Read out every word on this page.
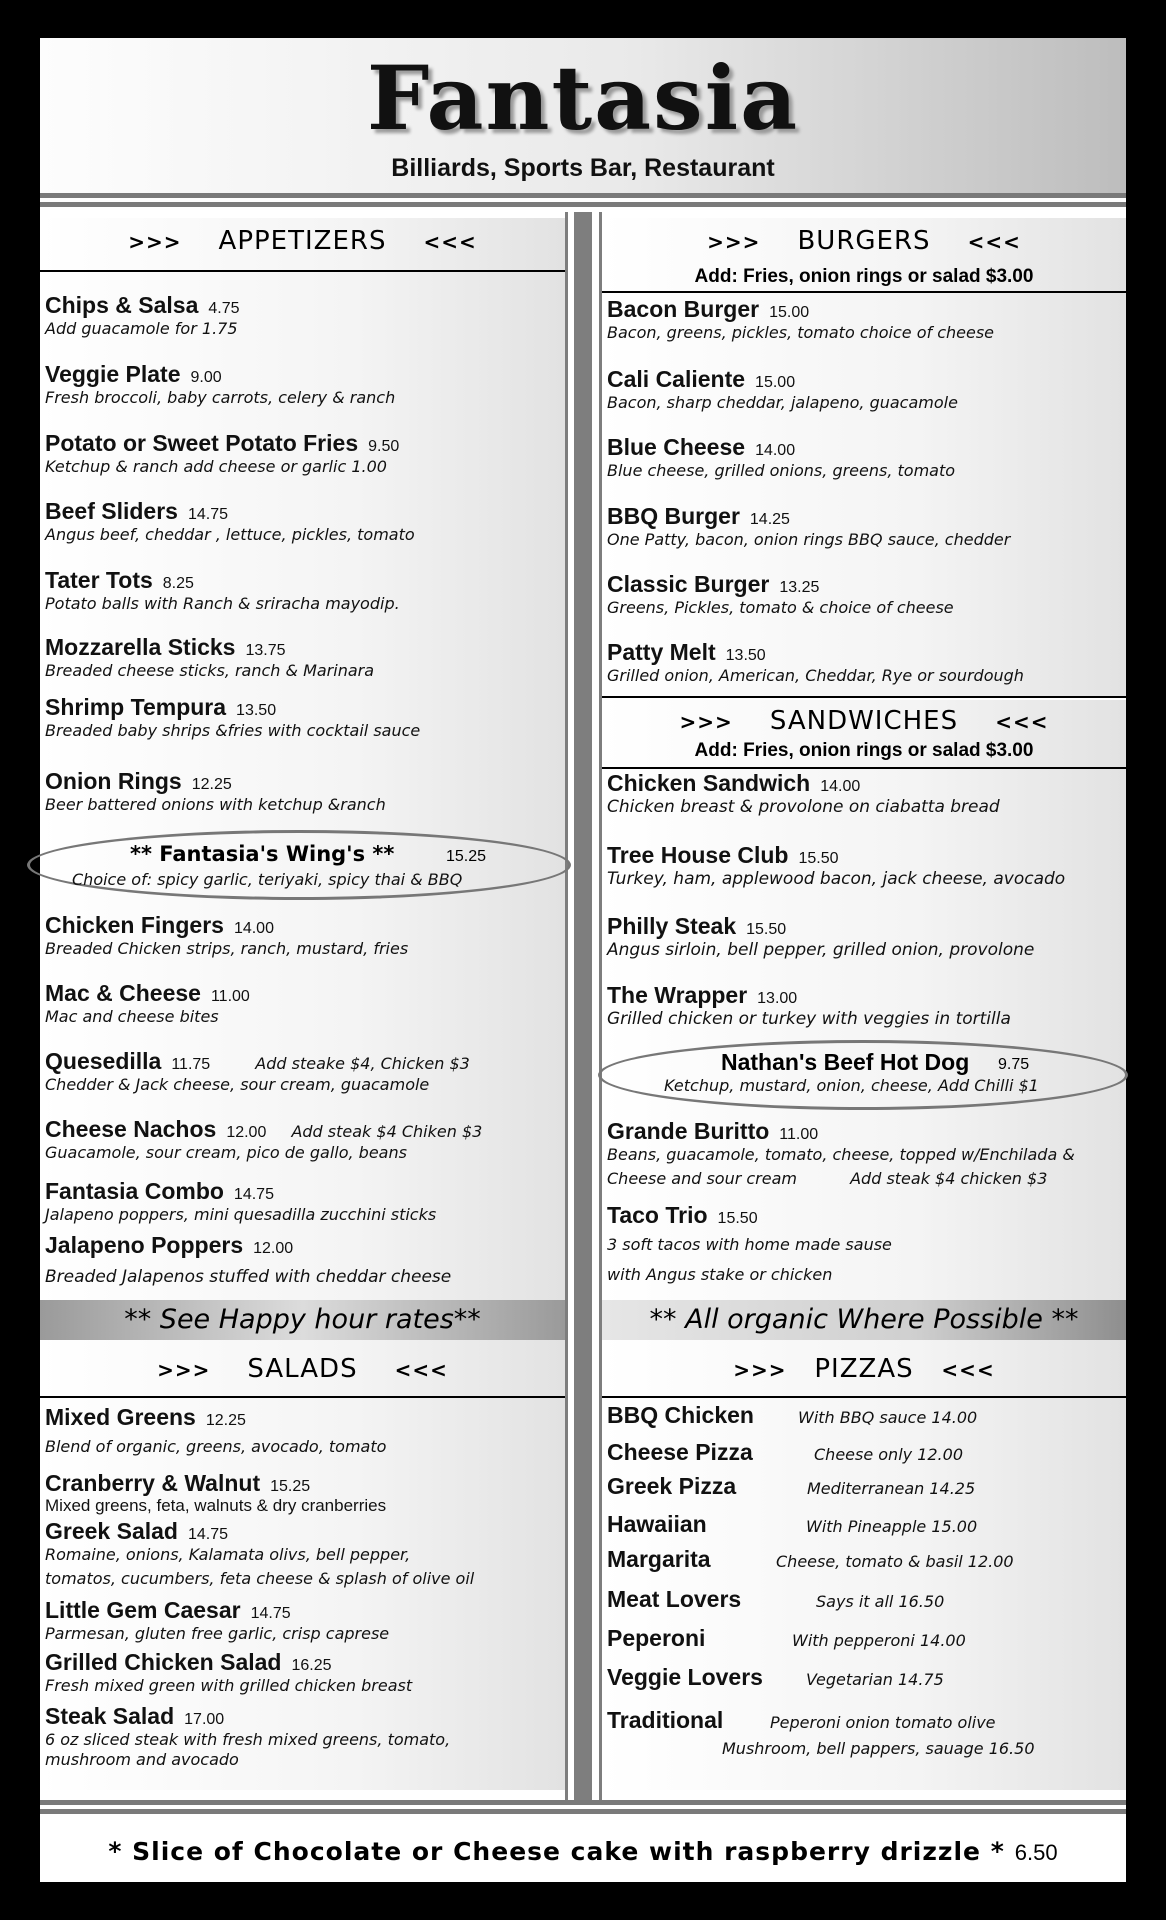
Fantasia
Billiards, Sports Bar, Restaurant
>>> APPETIZERS <<<
Chips & Salsa 4.75
Add guacamole for 1.75
Veggie Plate 9.00
Fresh broccoli, baby carrots, celery & ranch
Potato or Sweet Potato Fries 9.50
Ketchup & ranch add cheese or garlic 1.00
Beef Sliders 14.75
Angus beef, cheddar , lettuce, pickles, tomato
Tater Tots 8.25
Potato balls with Ranch & sriracha mayodip.
Mozzarella Sticks 13.75
Breaded cheese sticks, ranch & Marinara
Shrimp Tempura 13.50
Breaded baby shrips &fries with cocktail sauce
Onion Rings 12.25
Beer battered onions with ketchup &ranch
** Fantasia's Wing's **	15.25
Choice of: spicy garlic, teriyaki, spicy thai & BBQ
Chicken Fingers 14.00
Breaded Chicken strips, ranch, mustard, fries
Mac & Cheese 11.00
Mac and cheese bites
Quesedilla 11.75	Add steake $4, Chicken $3
Chedder & Jack cheese, sour cream, guacamole
Cheese Nachos 12.00 Add steak $4 Chiken $3
Guacamole, sour cream, pico de gallo, beans
Fantasia Combo 14.75
Jalapeno poppers, mini quesadilla zucchini sticks
Jalapeno Poppers 12.00
Breaded Jalapenos stuffed with cheddar cheese
** See Happy hour rates**
>>> SALADS <<<
Mixed Greens 12.25
Blend of organic, greens, avocado, tomato
Cranberry & Walnut 15.25
Mixed greens, feta, walnuts & dry cranberries
Greek Salad 14.75
Romaine, onions, Kalamata olivs, bell pepper,
tomatos, cucumbers, feta cheese & splash of olive oil
Little Gem Caesar 14.75
Parmesan, gluten free garlic, crisp caprese
Grilled Chicken Salad 16.25
Fresh mixed green with grilled chicken breast
Steak Salad 17.00
6 oz sliced steak with fresh mixed greens, tomato,
mushroom and avocado
>>> BURGERS <<<
Add: Fries, onion rings or salad $3.00
Bacon Burger 15.00
Bacon, greens, pickles, tomato choice of cheese
Cali Caliente 15.00
Bacon, sharp cheddar, jalapeno, guacamole
Blue Cheese 14.00
Blue cheese, grilled onions, greens, tomato
BBQ Burger 14.25
One Patty, bacon, onion rings BBQ sauce, chedder
Classic Burger 13.25
Greens, Pickles, tomato & choice of cheese
Patty Melt 13.50
Grilled onion, American, Cheddar, Rye or sourdough
>>> SANDWICHES <<<
Add: Fries, onion rings or salad $3.00
Chicken Sandwich 14.00
Chicken breast & provolone on ciabatta bread
Tree House Club 15.50
Turkey, ham, applewood bacon, jack cheese, avocado
Philly Steak 15.50
Angus sirloin, bell pepper, grilled onion, provolone
The Wrapper 13.00
Grilled chicken or turkey with veggies in tortilla
Nathan's Beef Hot Dog 9.75
Ketchup, mustard, onion, cheese, Add Chilli $1
Grande Buritto 11.00
Beans, guacamole, tomato, cheese, topped w/Enchilada &
Cheese and sour cream	Add steak $4 chicken $3
Taco Trio 15.50
3 soft tacos with home made sause
with Angus stake or chicken
** All organic Where Possible **
>>> PIZZAS <<<
BBQ Chicken	With BBQ sauce 14.00
Cheese Pizza	Cheese only 12.00
Greek Pizza	Mediterranean 14.25
Hawaiian	With Pineapple 15.00
Margarita	Cheese, tomato & basil 12.00
Meat Lovers	Says it all 16.50
Peperoni	With pepperoni 14.00
Veggie Lovers	Vegetarian 14.75
Traditional	Peperoni onion tomato olive
Mushroom, bell pappers, sauage 16.50
* Slice of Chocolate or Cheese cake with raspberry drizzle * 6.50
